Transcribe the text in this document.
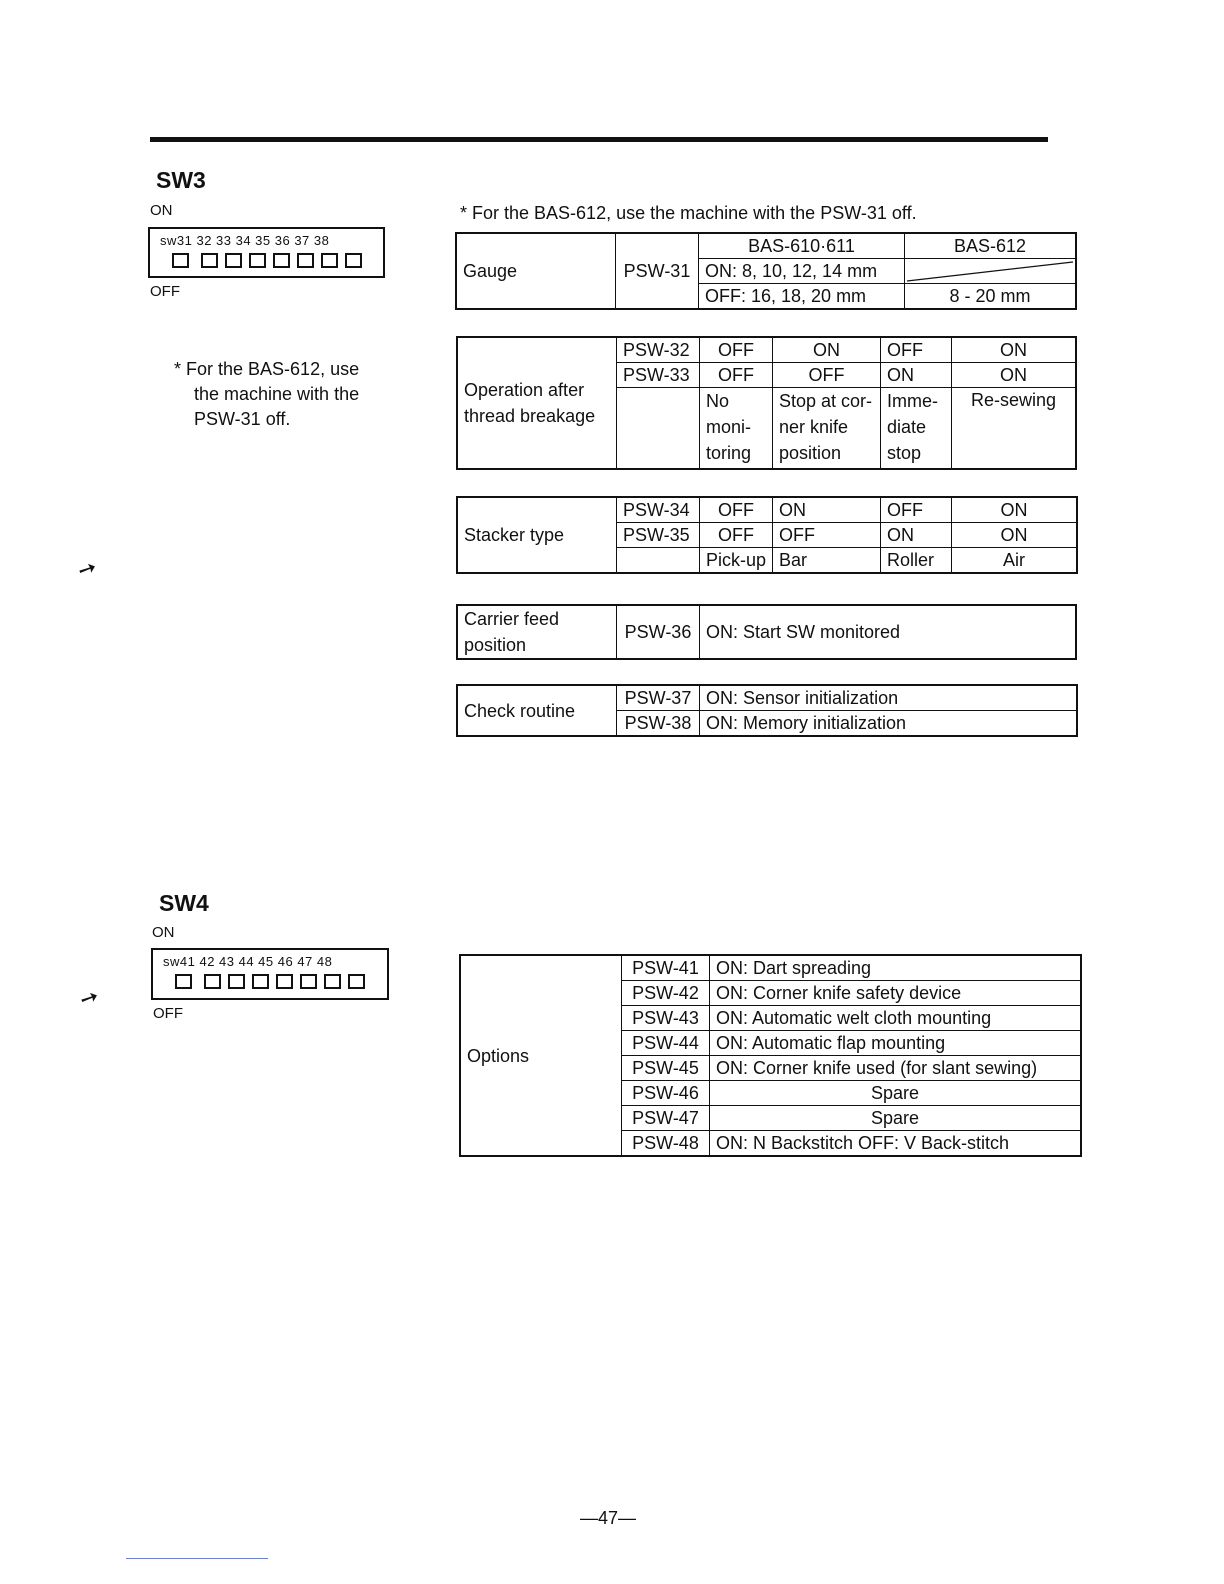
SW3
ON
sw31 32 33 34 35 36 37 38
OFF
* For the BAS-612, use
the machine with the
PSW-31 off.
* For the BAS-612, use the machine with the PSW-31 off.
Gauge	PSW-31	BAS-610·611	BAS-612
		ON: 8, 10, 12, 14 mm	

		OFF: 16, 18, 20 mm	8 - 20 mm
Operation after thread breakage	PSW-32	OFF	ON	OFF	ON
	PSW-33	OFF	OFF	ON	ON
		No moni- toring	Stop at cor- ner knife position	Imme- diate stop	Re-sewing
Stacker type	PSW-34	OFF	ON	OFF	ON
	PSW-35	OFF	OFF	ON	ON
		Pick-up	Bar	Roller	Air
Carrier feed position	PSW-36	ON: Start SW monitored
Check routine	PSW-37	ON: Sensor initialization
	PSW-38	ON: Memory initialization
SW4
ON
sw41 42 43 44 45 46 47 48
OFF
Options	PSW-41	ON: Dart spreading
	PSW-42	ON: Corner knife safety device
	PSW-43	ON: Automatic welt cloth mounting
	PSW-44	ON: Automatic flap mounting
	PSW-45	ON: Corner knife used (for slant sewing)
	PSW-46	Spare
	PSW-47	Spare
	PSW-48	ON: N Backstitch OFF: V Back-stitch
➙
➙
—47—
